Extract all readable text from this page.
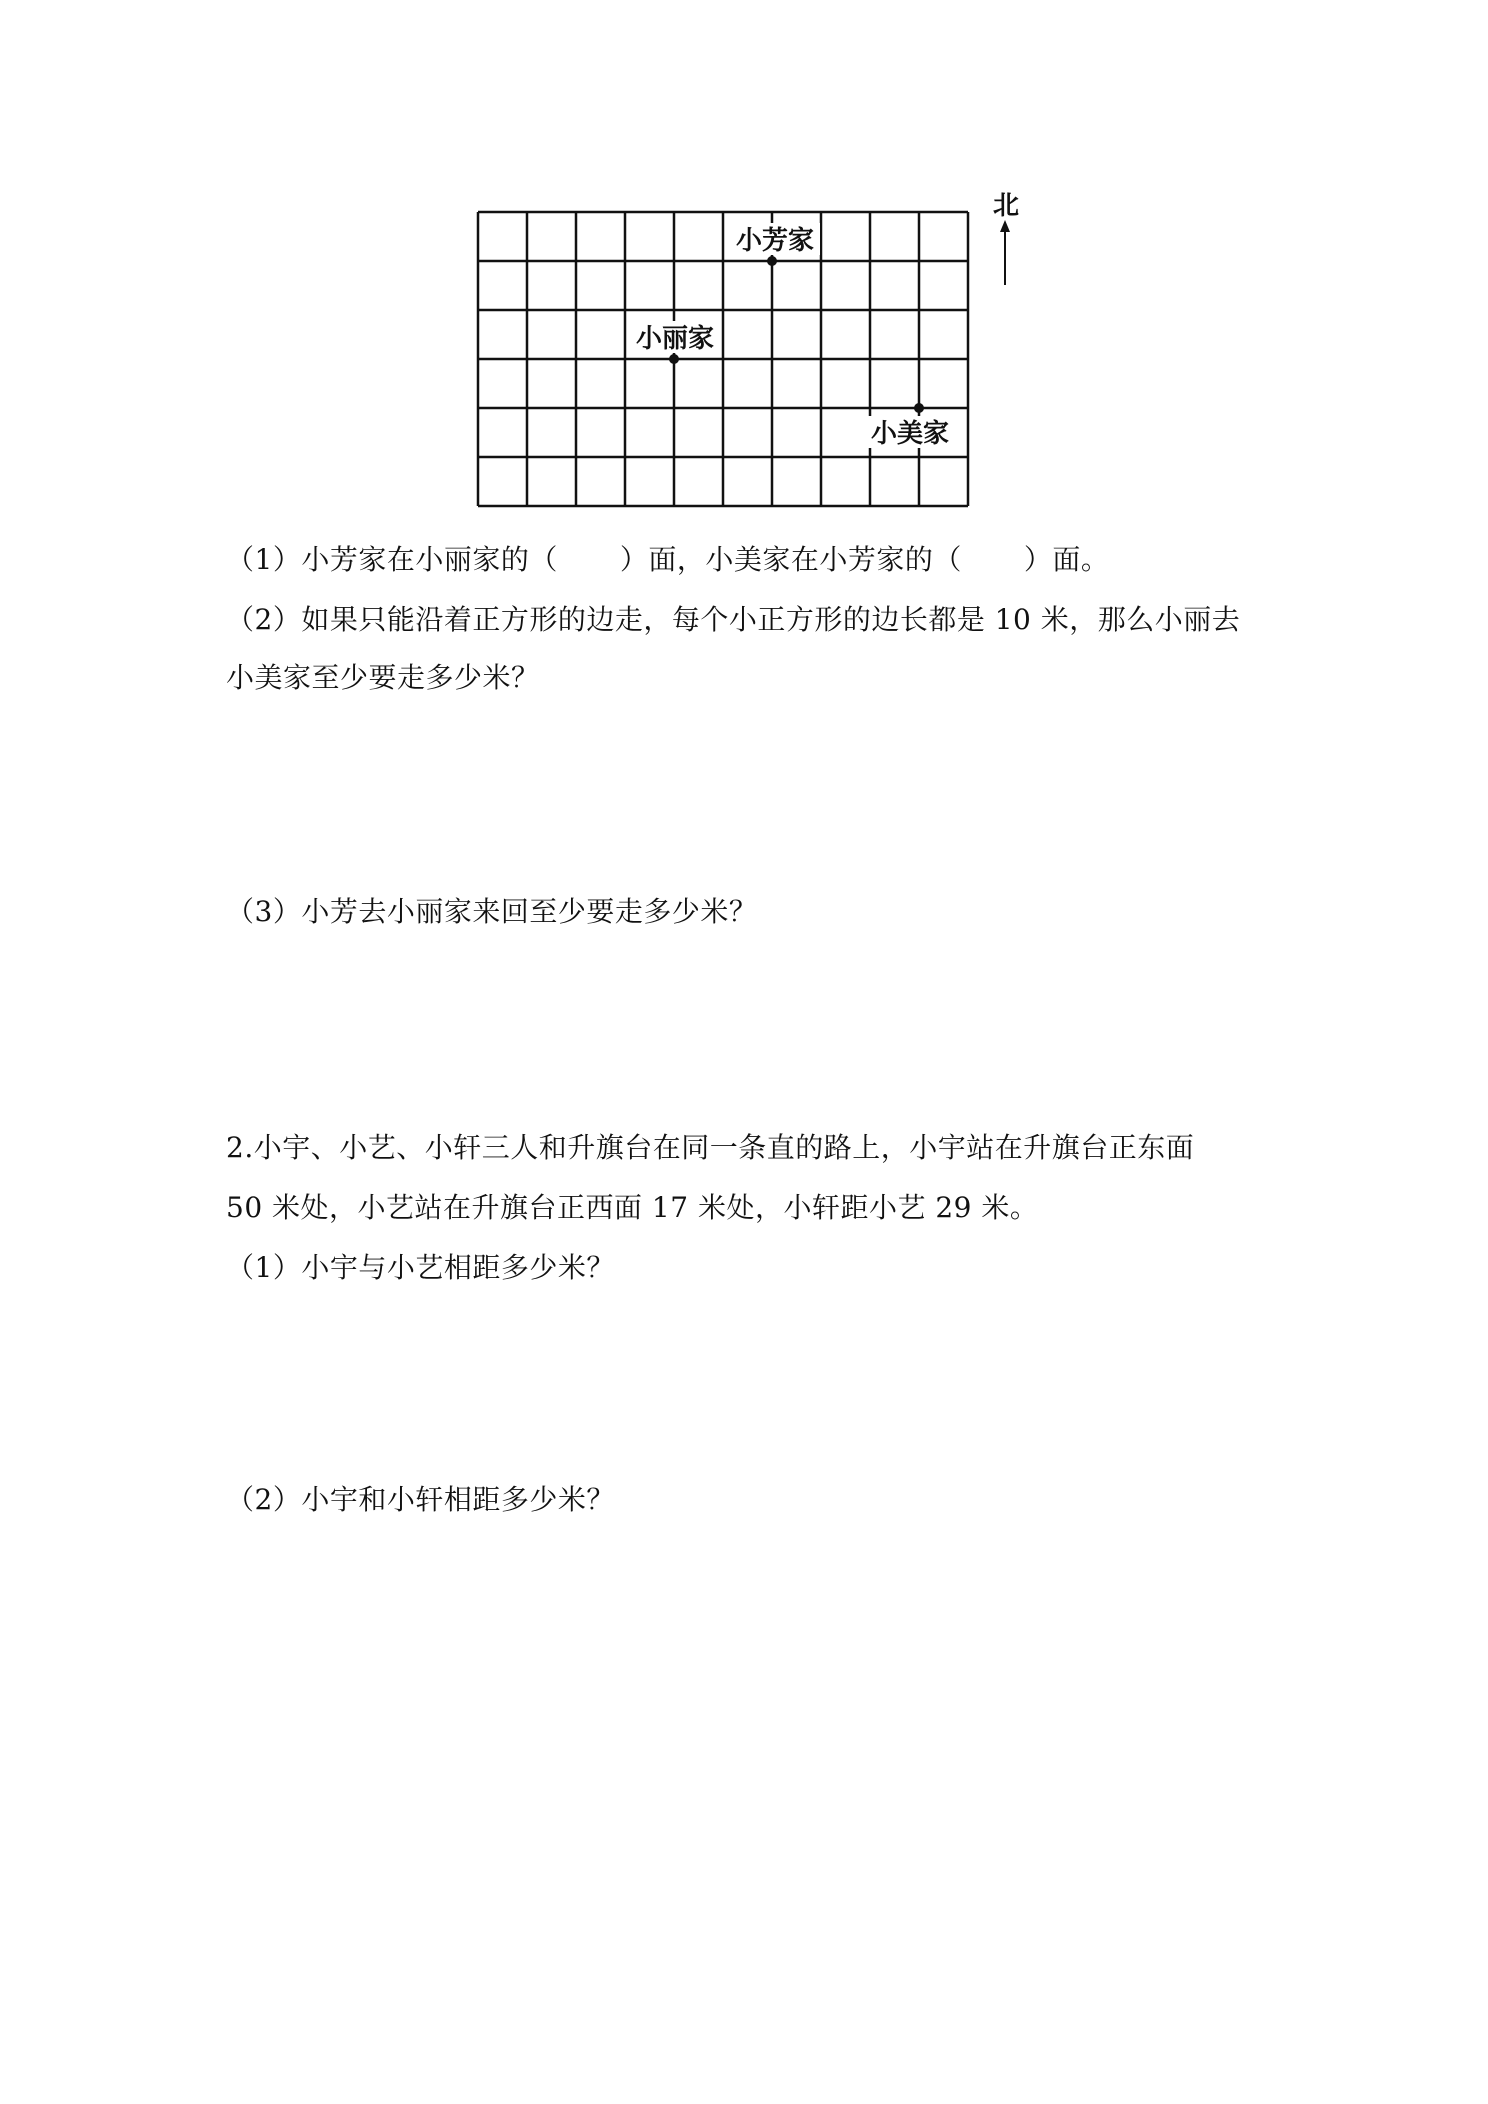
小芳家
小丽家
小美家
北
（1）小芳家在小丽家的（ ）面，小美家在小芳家的（ ）面。
（2）如果只能沿着正方形的边走，每个小正方形的边长都是 10 米，那么小丽去
小美家至少要走多少米？
（3）小芳去小丽家来回至少要走多少米？
2.小宇、小艺、小轩三人和升旗台在同一条直的路上，小宇站在升旗台正东面
50 米处，小艺站在升旗台正西面 17 米处，小轩距小艺 29 米。
（1）小宇与小艺相距多少米？
（2）小宇和小轩相距多少米？
